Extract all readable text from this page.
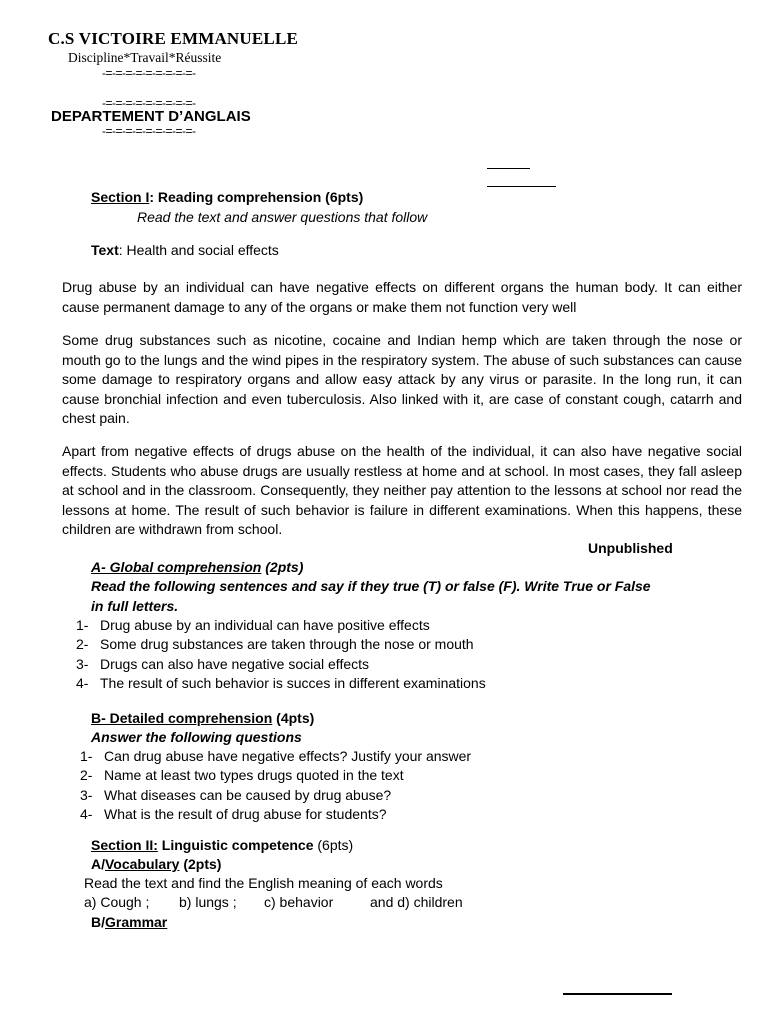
C.S VICTOIRE EMMANUELLE
Discipline*Travail*Réussite
-=-=-=-=-=-=-=-=-=-
-=-=-=-=-=-=-=-=-=-
DEPARTEMENT D’ANGLAIS
-=-=-=-=-=-=-=-=-=-
Section I: Reading comprehension (6pts)
Read the text and answer questions that follow
Text: Health and social effects
Drug abuse by an individual can have negative effects on different organs the human body. It can either cause permanent damage to any of the organs or make them not function very well
Some drug substances such as nicotine, cocaine and Indian hemp which are taken through the nose or mouth go to the lungs and the wind pipes in the respiratory system. The abuse of such substances can cause some damage to respiratory organs and allow easy attack by any virus or parasite. In the long run, it can cause bronchial infection and even tuberculosis. Also linked with it, are case of constant cough, catarrh and chest pain.
Apart from negative effects of drugs abuse on the health of the individual, it can also have negative social effects. Students who abuse drugs are usually restless at home and at school. In most cases, they fall asleep at school and in the classroom. Consequently, they neither pay attention to the lessons at school nor read the lessons at home. The result of such behavior is failure in different examinations. When this happens, these children are withdrawn from school.
Unpublished
A- Global comprehension (2pts)
Read the following sentences and say if they true (T) or false (F). Write True or False
in full letters.
1- Drug abuse by an individual can have positive effects
2- Some drug substances are taken through the nose or mouth
3- Drugs can also have negative social effects
4- The result of such behavior is succes in different examinations
B- Detailed comprehension (4pts)
Answer the following questions
1- Can drug abuse have negative effects? Justify your answer
2- Name at least two types drugs quoted in the text
3- What diseases can be caused by drug abuse?
4- What is the result of drug abuse for students?
Section II: Linguistic competence (6pts)
A/Vocabulary (2pts)
Read the text and find the English meaning of each words
a) Cough ; b) lungs ; c) behavior	and d) children
B/Grammar
